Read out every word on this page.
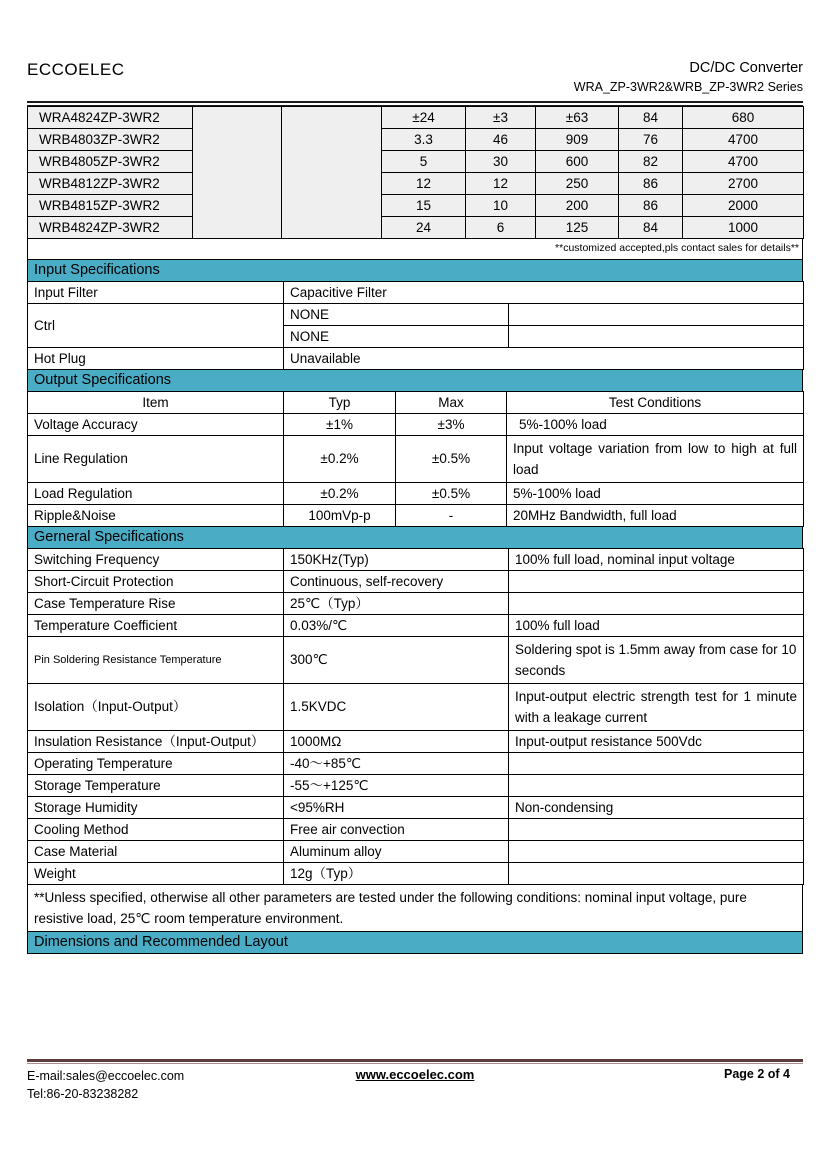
ECCOELEC	DC/DC Converter
WRA_ZP-3WR2&WRB_ZP-3WR2 Series
WRA4824ZP-3WR2			±24	±3	±63	84	680
WRB4803ZP-3WR2			3.3	46	909	76	4700
WRB4805ZP-3WR2			5	30	600	82	4700
WRB4812ZP-3WR2			12	12	250	86	2700
WRB4815ZP-3WR2			15	10	200	86	2000
WRB4824ZP-3WR2			24	6	125	84	1000
**customized accepted,pls contact sales for details**
Input Specifications
Input Filter	Capacitive Filter	
Ctrl	NONE	
	NONE	
Hot Plug	Unavailable	
Output Specifications
Item	Typ	Max	Test Conditions
Voltage Accuracy	±1%	±3%	5%-100% load
Line Regulation	±0.2%	±0.5%	Input voltage variation from low to high at full load
Load Regulation	±0.2%	±0.5%	5%-100% load
Ripple&Noise	100mVp-p	-	20MHz Bandwidth, full load
Gerneral Specifications
Switching Frequency	150KHz(Typ)	100% full load, nominal input voltage
Short-Circuit Protection	Continuous, self-recovery	
Case Temperature Rise	25℃（Typ）	
Temperature Coefficient	0.03%/℃	100% full load
Pin Soldering Resistance Temperature	300℃	Soldering spot is 1.5mm away from case for 10 seconds
Isolation（Input-Output）	1.5KVDC	Input-output electric strength test for 1 minute with a leakage current
Insulation Resistance（Input-Output）	1000MΩ	Input-output resistance 500Vdc
Operating Temperature	-40～+85℃	
Storage Temperature	-55～+125℃	
Storage Humidity	<95%RH	Non-condensing
Cooling Method	Free air convection	
Case Material	Aluminum alloy	
Weight	12g（Typ）	
**Unless specified, otherwise all other parameters are tested under the following conditions: nominal input voltage, pure resistive load, 25℃ room temperature environment.
Dimensions and Recommended Layout
E-mail:sales@eccoelec.com
Tel:86-20-83238282
www.eccoelec.com	Page 2 of 4
